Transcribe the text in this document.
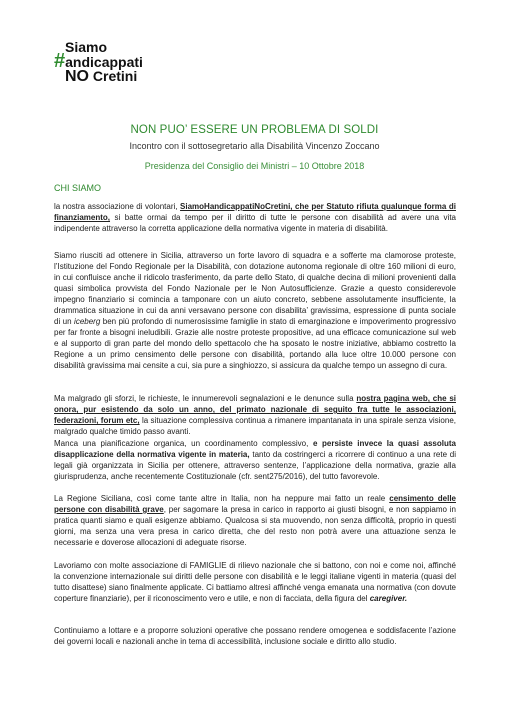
Siamo
#andicappati
NO Cretini
NON PUO’ ESSERE UN PROBLEMA DI SOLDI
Incontro con il sottosegretario alla Disabilità Vincenzo Zoccano
Presidenza del Consiglio dei Ministri – 10 Ottobre 2018
CHI SIAMO

la nostra associazione di volontari, SiamoHandicappatiNoCretini, che per Statuto rifiuta qualunque forma di finanziamento, si batte ormai da tempo per il diritto di tutte le persone con disabilità ad avere una vita indipendente attraverso la corretta applicazione della normativa vigente in materia di disabilità.

Siamo riusciti ad ottenere in Sicilia, attraverso un forte lavoro di squadra e a sofferte ma clamorose proteste, l’Istituzione del Fondo Regionale per la Disabilità, con dotazione autonoma regionale di oltre 160 milioni di euro, in cui confluisce anche il ridicolo trasferimento, da parte dello Stato, di qualche decina di milioni provenienti dalla quasi simbolica provvista del Fondo Nazionale per le Non Autosufficienze. Grazie a questo considerevole impegno finanziario si comincia a tamponare con un aiuto concreto, sebbene assolutamente insufficiente, la drammatica situazione in cui da anni versavano persone con disabilita’ gravissima, espressione di punta sociale di un iceberg ben più profondo di numerosissime famiglie in stato di emarginazione e impoverimento progressivo per far fronte a bisogni ineludibili. Grazie alle nostre proteste propositive, ad una efficace comunicazione sul web e al supporto di gran parte del mondo dello spettacolo che ha sposato le nostre iniziative, abbiamo costretto la Regione a un primo censimento delle persone con disabilità, portando alla luce oltre 10.000 persone con disabilità gravissima mai censite a cui, sia pure a singhiozzo, si assicura da qualche tempo un assegno di cura.

Ma malgrado gli sforzi, le richieste, le innumerevoli segnalazioni e le denunce sulla nostra pagina web, che si onora, pur esistendo da solo un anno, del primato nazionale di seguito fra tutte le associazioni, federazioni, forum etc, la situazione complessiva continua a rimanere impantanata in una spirale senza visione, malgrado qualche timido passo avanti.

Manca una pianificazione organica, un coordinamento complessivo, e persiste invece la quasi assoluta disapplicazione della normativa vigente in materia, tanto da costringerci a ricorrere di continuo a una rete di legali già organizzata in Sicilia per ottenere, attraverso sentenze, l’applicazione della normativa, grazie alla giurisprudenza, anche recentemente Costituzionale (cfr. sent275/2016), del tutto favorevole.

La Regione Siciliana, così come tante altre in Italia, non ha neppure mai fatto un reale censimento delle persone con disabilità grave, per sagomare la presa in carico in rapporto ai giusti bisogni, e non sappiamo in pratica quanti siamo e quali esigenze abbiamo. Qualcosa si sta muovendo, non senza difficoltà, proprio in questi giorni, ma senza una vera presa in carico diretta, che del resto non potrà avere una attuazione senza le necessarie e doverose allocazioni di adeguate risorse.

Lavoriamo con molte associazione di FAMIGLIE di rilievo nazionale che si battono, con noi e come noi, affinché la convenzione internazionale sui diritti delle persone con disabilità e le leggi italiane vigenti in materia (quasi del tutto disattese) siano finalmente applicate. Ci battiamo altresì affinché venga emanata una normativa (con dovute coperture finanziarie), per il riconoscimento vero e utile, e non di facciata, della figura del caregiver.

Continuiamo a lottare e a proporre soluzioni operative che possano rendere omogenea e soddisfacente l’azione dei governi locali e nazionali anche in tema di accessibilità, inclusione sociale e diritto allo studio.
